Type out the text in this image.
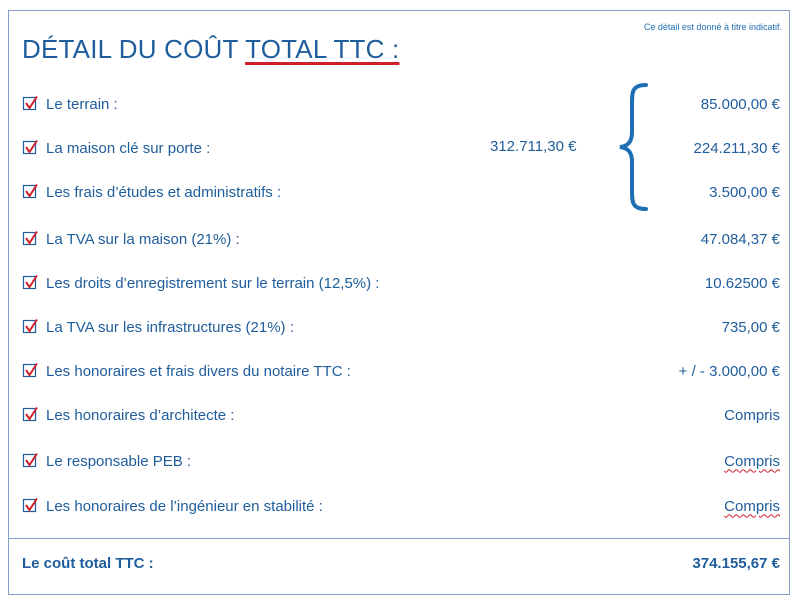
Ce détail est donné à titre indicatif.
DÉTAIL DU COÛT TOTAL TTC :
Le terrain :	85.000,00 €
La maison clé sur porte :	224.211,30 €
Les frais d’études et administratifs :	3.500,00 €
La TVA sur la maison (21%) :	47.084,37 €
Les droits d’enregistrement sur le terrain (12,5%) :	10.62500 €
La TVA sur les infrastructures (21%) :	735,00 €
Les honoraires et frais divers du notaire TTC :	+ / - 3.000,00 €
Les honoraires d’architecte :	Compris
Le responsable PEB :	Compris
Les honoraires de l’ingénieur en stabilité :	Compris
312.711,30 €
Le coût total TTC :	374.155,67 €
